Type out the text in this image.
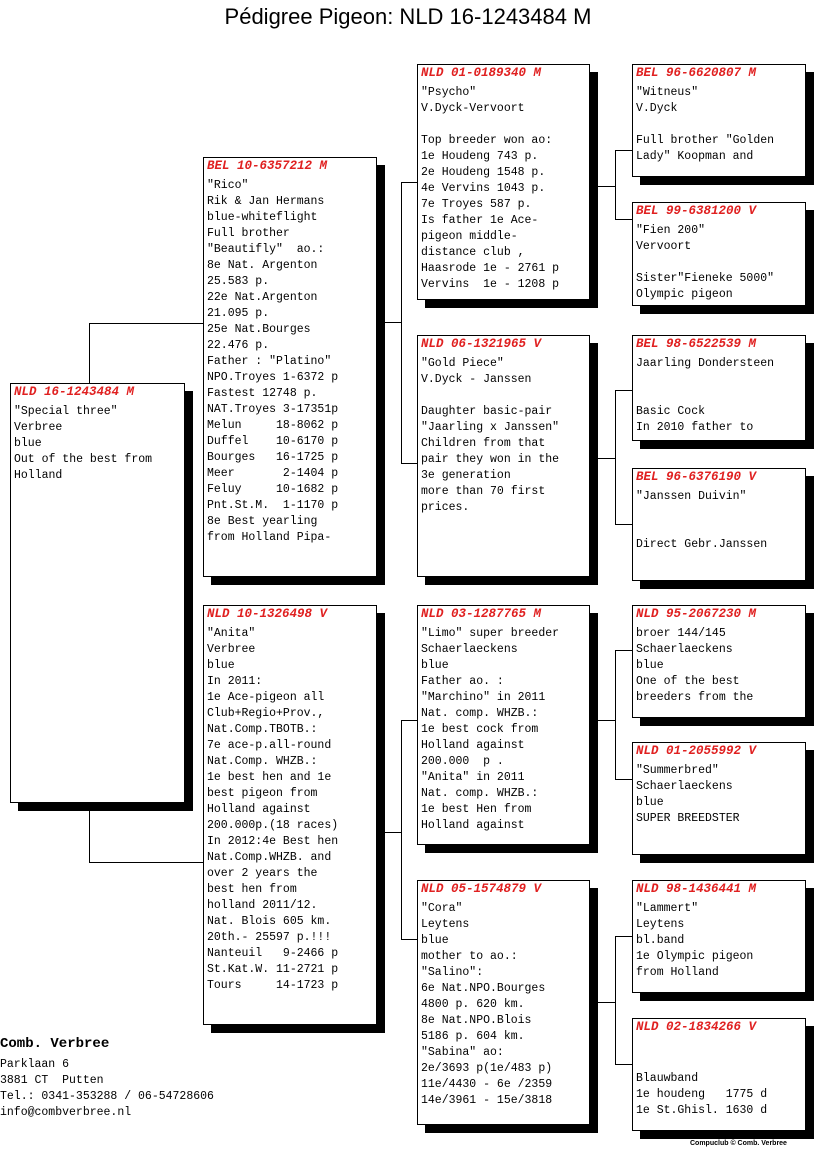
Pédigree Pigeon: NLD 16-1243484 M
NLD 16-1243484 M
"Special three"
Verbree
blue
Out of the best from
Holland
BEL 10-6357212 M
"Rico"
Rik & Jan Hermans
blue-whiteflight
Full brother
"Beautifly"  ao.:
8e Nat. Argenton
25.583 p.
22e Nat.Argenton
21.095 p.
25e Nat.Bourges
22.476 p.
Father : "Platino"
NPO.Troyes 1-6372 p
Fastest 12748 p.
NAT.Troyes 3-17351p
Melun     18-8062 p
Duffel    10-6170 p
Bourges   16-1725 p
Meer       2-1404 p
Feluy     10-1682 p
Pnt.St.M.  1-1170 p
8e Best yearling
from Holland Pipa-
NLD 10-1326498 V
"Anita"
Verbree
blue
In 2011:
1e Ace-pigeon all
Club+Regio+Prov.,
Nat.Comp.TBOTB.:
7e ace-p.all-round
Nat.Comp. WHZB.:
1e best hen and 1e
best pigeon from
Holland against
200.000p.(18 races)
In 2012:4e Best hen
Nat.Comp.WHZB. and
over 2 years the
best hen from
holland 2011/12.
Nat. Blois 605 km.
20th.- 25597 p.!!!
Nanteuil   9-2466 p
St.Kat.W. 11-2721 p
Tours     14-1723 p
NLD 01-0189340 M
"Psycho"
V.Dyck-Vervoort
Top breeder won ao:
1e Houdeng 743 p.
2e Houdeng 1548 p.
4e Vervins 1043 p.
7e Troyes 587 p.
Is father 1e Ace-
pigeon middle-
distance club ,
Haasrode 1e - 2761 p
Vervins  1e - 1208 p
NLD 06-1321965 V
"Gold Piece"
V.Dyck - Janssen
Daughter basic-pair
"Jaarling x Janssen"
Children from that
pair they won in the
3e generation
more than 70 first
prices.
NLD 03-1287765 M
"Limo" super breeder
Schaerlaeckens
blue
Father ao. :
"Marchino" in 2011
Nat. comp. WHZB.:
1e best cock from
Holland against
200.000  p .
"Anita" in 2011
Nat. comp. WHZB.:
1e best Hen from
Holland against
NLD 05-1574879 V
"Cora"
Leytens
blue
mother to ao.:
"Salino":
6e Nat.NPO.Bourges
4800 p. 620 km.
8e Nat.NPO.Blois
5186 p. 604 km.
"Sabina" ao:
2e/3693 p(1e/483 p)
11e/4430 - 6e /2359
14e/3961 - 15e/3818
BEL 96-6620807 M
"Witneus"
V.Dyck
Full brother "Golden
Lady" Koopman and
BEL 99-6381200 V
"Fien 200"
Vervoort
Sister"Fieneke 5000"
Olympic pigeon
BEL 98-6522539 M
Jaarling Dondersteen
Basic Cock
In 2010 father to
BEL 96-6376190 V
"Janssen Duivin"
Direct Gebr.Janssen
NLD 95-2067230 M
broer 144/145
Schaerlaeckens
blue
One of the best
breeders from the
NLD 01-2055992 V
"Summerbred"
Schaerlaeckens
blue
SUPER BREEDSTER
NLD 98-1436441 M
"Lammert"
Leytens
bl.band
1e Olympic pigeon
from Holland
NLD 02-1834266 V
Blauwband
1e houdeng   1775 d
1e St.Ghisl. 1630 d
Comb. Verbree
Parklaan 6
3881 CT  Putten
Tel.: 0341-353288 / 06-54728606
info@combverbree.nl
Compuclub © Comb. Verbree
